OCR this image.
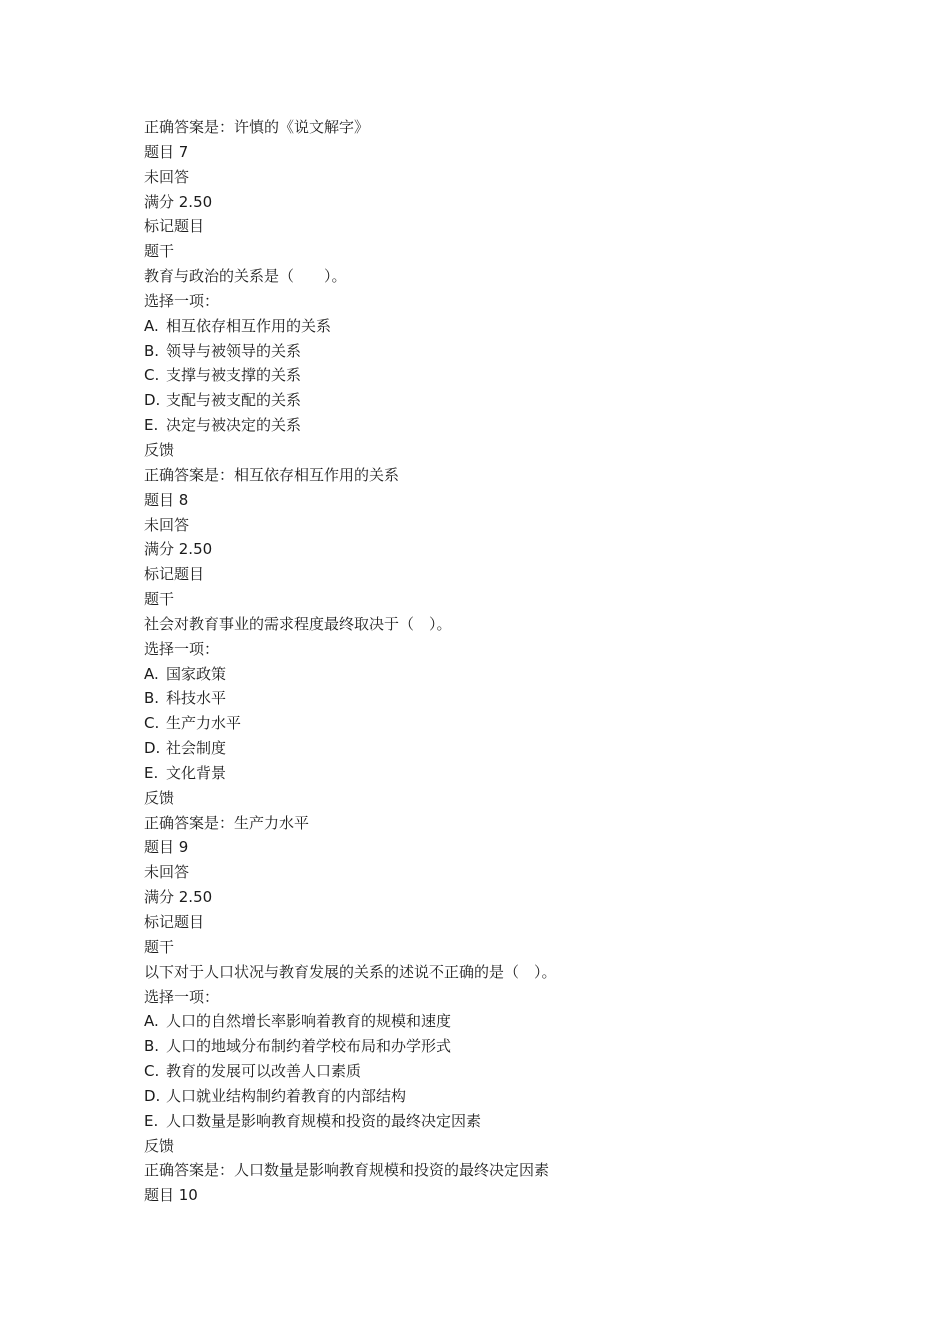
正确答案是：许慎的《说文解字》
题目 7
未回答
满分 2.50
标记题目
题干
教育与政治的关系是（　　）。
选择一项：
A. 相互依存相互作用的关系
B. 领导与被领导的关系
C. 支撑与被支撑的关系
D. 支配与被支配的关系
E. 决定与被决定的关系
反馈
正确答案是：相互依存相互作用的关系
题目 8
未回答
满分 2.50
标记题目
题干
社会对教育事业的需求程度最终取决于（　）。
选择一项：
A. 国家政策
B. 科技水平
C. 生产力水平
D. 社会制度
E. 文化背景
反馈
正确答案是：生产力水平
题目 9
未回答
满分 2.50
标记题目
题干
以下对于人口状况与教育发展的关系的述说不正确的是（　）。
选择一项：
A. 人口的自然增长率影响着教育的规模和速度
B. 人口的地域分布制约着学校布局和办学形式
C. 教育的发展可以改善人口素质
D. 人口就业结构制约着教育的内部结构
E. 人口数量是影响教育规模和投资的最终决定因素
反馈
正确答案是：人口数量是影响教育规模和投资的最终决定因素
题目 10
